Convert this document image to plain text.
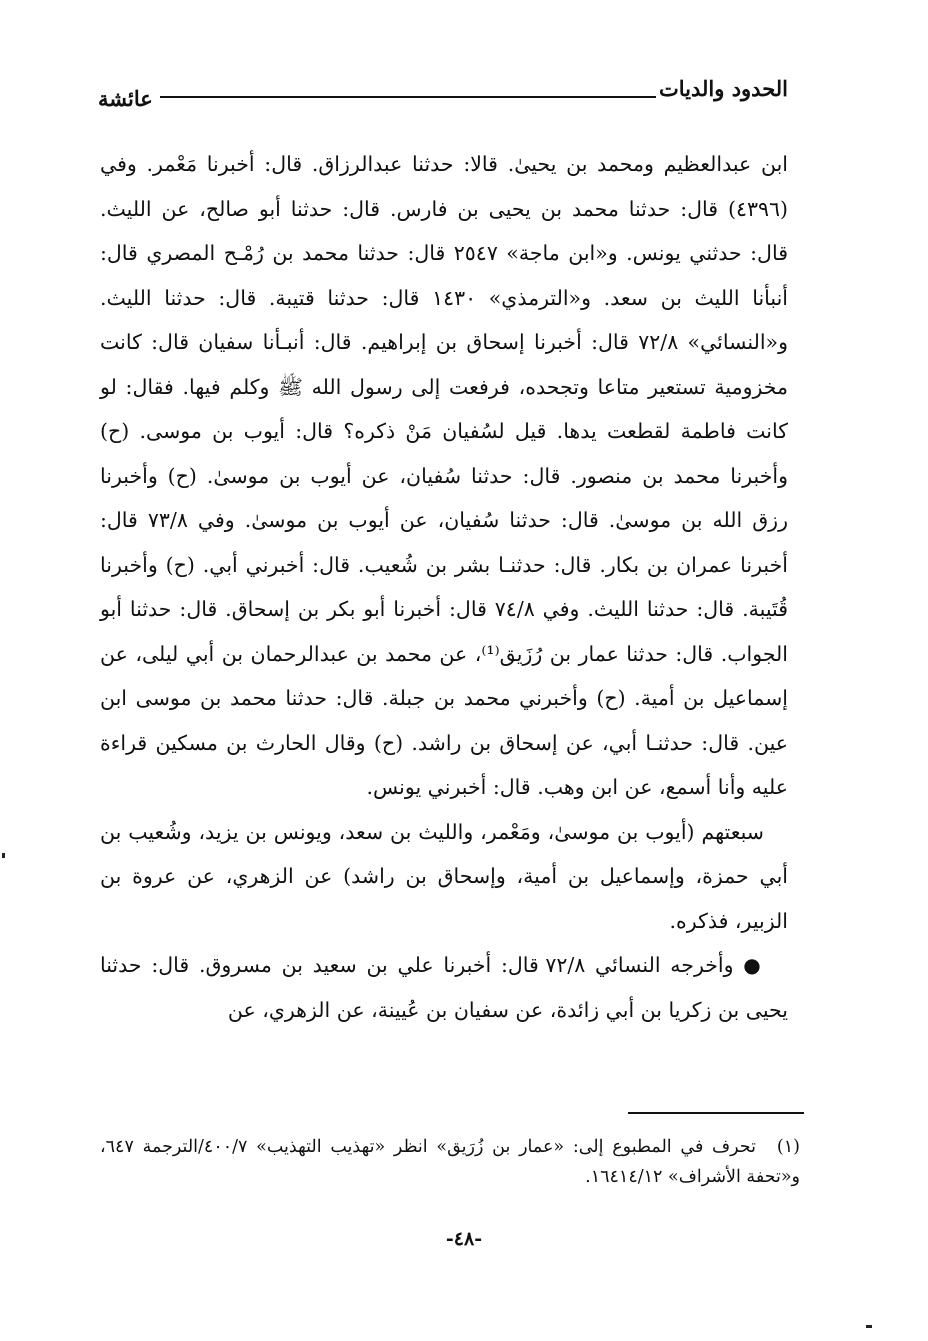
الحدود والديات
عائشة

ابن عبدالعظيم ومحمد بن يحيىٰ. قالا: حدثنا عبدالرزاق. قال: أخبرنا مَعْمر. وفي (٤٣٩٦) قال: حدثنا محمد بن يحيى بن فارس. قال: حدثنا أبو صالح، عن الليث. قال: حدثني يونس. و«ابن ماجة» ٢٥٤٧ قال: حدثنا محمد بن رُمْـح المصري قال: أنبأنا الليث بن سعد. و«الترمذي» ١٤٣٠ قال: حدثنا قتيبة. قال: حدثنا الليث. و«النسائي» ٧٢/٨ قال: أخبرنا إسحاق بن إبراهيم. قال: أنبـأنا سفيان قال: كانت مخزومية تستعير متاعا وتجحده، فرفعت إلى رسول الله ﷺ وكلم فيها. فقال: لو كانت فاطمة لقطعت يدها. قيل لسُفيان مَنْ ذكره؟ قال: أيوب بن موسى. (ح) وأخبرنا محمد بن منصور. قال: حدثنا سُفيان، عن أيوب بن موسىٰ. (ح) وأخبرنا رزق الله بن موسىٰ. قال: حدثنا سُفيان، عن أيوب بن موسىٰ. وفي ٧٣/٨ قال: أخبرنا عمران بن بكار. قال: حدثنـا بشر بن شُعيب. قال: أخبرني أبي. (ح) وأخبرنا قُتَيبة. قال: حدثنا الليث. وفي ٧٤/٨ قال: أخبرنا أبو بكر بن إسحاق. قال: حدثنا أبو الجواب. قال: حدثنا عمار بن رُزَيق⁽¹⁾، عن محمد بن عبدالرحمان بن أبي ليلى، عن إسماعيل بن أمية. (ح) وأخبرني محمد بن جبلة. قال: حدثنا محمد بن موسى ابن عين. قال: حدثنـا أبي، عن إسحاق بن راشد. (ح) وقال الحارث بن مسكين قراءة عليه وأنا أسمع، عن ابن وهب. قال: أخبرني يونس.

سبعتهم (أيوب بن موسىٰ، ومَعْمر، والليث بن سعد، ويونس بن يزيد، وشُعيب بن أبي حمزة، وإسماعيل بن أمية، وإسحاق بن راشد) عن الزهري، عن عروة بن الزبير، فذكره.

● وأخرجه النسائي ٧٢/٨ قال: أخبرنا علي بن سعيد بن مسروق. قال: حدثنا يحيى بن زكريا بن أبي زائدة، عن سفيان بن عُيينة، عن الزهري، عن

(١)تحرف في المطبوع إلى: «عمار بن زُرَيق» انظر «تهذيب التهذيب» ٤٠٠/٧/الترجمة ٦٤٧، و«تحفة الأشراف» ١٦٤١٤/١٢.
-٤٨-
